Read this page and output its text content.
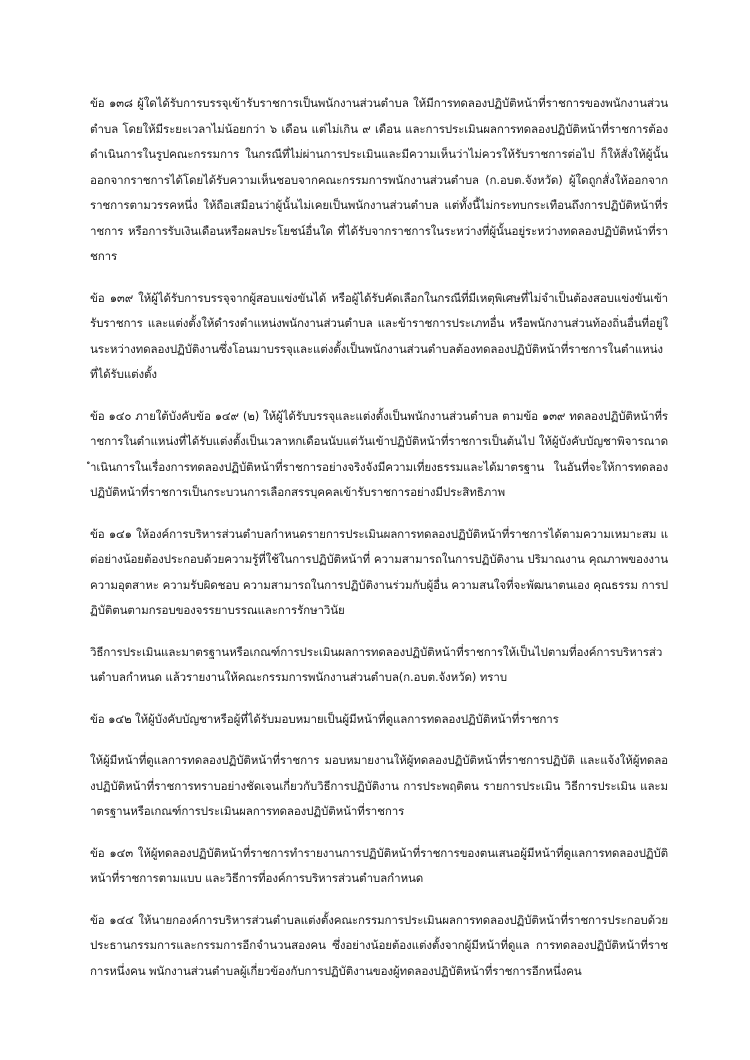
ข้อ ๑๓๘ ผู้ใดได้รับการบรรจุเข้ารับราชการเป็นพนักงานส่วนตำบล ให้มีการทดลองปฏิบัติหน้าที่ราชการของพนักงานส่วนตำบล โดยให้มีระยะเวลาไม่น้อยกว่า ๖ เดือน แต่ไม่เกิน ๙ เดือน และการประเมินผลการทดลองปฏิบัติหน้าที่ราชการต้องดำเนินการในรูปคณะกรรมการ ในกรณีที่ไม่ผ่านการประเมินและมีความเห็นว่าไม่ควรให้รับราชการต่อไป ก็ให้สั่งให้ผู้นั้นออกจากราชการได้โดยได้รับความเห็นชอบจากคณะกรรมการพนักงานส่วนตำบล (ก.อบต.จังหวัด) ผู้ใดถูกสั่งให้ออกจากราชการตามวรรคหนึ่ง ให้ถือเสมือนว่าผู้นั้นไม่เคยเป็นพนักงานส่วนตำบล แต่ทั้งนี้ไม่กระทบกระเทือนถึงการปฏิบัติหน้าที่ราชการ หรือการรับเงินเดือนหรือผลประโยชน์อื่นใด ที่ได้รับจากราชการในระหว่างที่ผู้นั้นอยู่ระหว่างทดลองปฏิบัติหน้าที่ราชการ

ข้อ ๑๓๙ ให้ผู้ได้รับการบรรจุจากผู้สอบแข่งขันได้ หรือผู้ได้รับคัดเลือกในกรณีที่มีเหตุพิเศษที่ไม่จำเป็นต้องสอบแข่งขันเข้ารับราชการ และแต่งตั้งให้ดำรงตำแหน่งพนักงานส่วนตำบล และข้าราชการประเภทอื่น หรือพนักงานส่วนท้องถิ่นอื่นที่อยู่ในระหว่างทดลองปฏิบัติงานซึ่งโอนมาบรรจุและแต่งตั้งเป็นพนักงานส่วนตำบลต้องทดลองปฏิบัติหน้าที่ราชการในตำแหน่ง ที่ได้รับแต่งตั้ง

ข้อ ๑๔๐ ภายใต้บังคับข้อ ๑๔๙ (๒) ให้ผู้ได้รับบรรจุและแต่งตั้งเป็นพนักงานส่วนตำบล ตามข้อ ๑๓๙ ทดลองปฏิบัติหน้าที่ราชการในตำแหน่งที่ได้รับแต่งตั้งเป็นเวลาหกเดือนนับแต่วันเข้าปฏิบัติหน้าที่ราชการเป็นต้นไป ให้ผู้บังคับบัญชาพิจารณาดำเนินการในเรื่องการทดลองปฏิบัติหน้าที่ราชการอย่างจริงจังมีความเที่ยงธรรมและได้มาตรฐาน ในอันที่จะให้การทดลองปฏิบัติหน้าที่ราชการเป็นกระบวนการเลือกสรรบุคคลเข้ารับราชการอย่างมีประสิทธิภาพ

ข้อ ๑๔๑ ให้องค์การบริหารส่วนตำบลกำหนดรายการประเมินผลการทดลองปฏิบัติหน้าที่ราชการได้ตามความเหมาะสม แต่อย่างน้อยต้องประกอบด้วยความรู้ที่ใช้ในการปฏิบัติหน้าที่ ความสามารถในการปฏิบัติงาน ปริมาณงาน คุณภาพของงาน ความอุตสาหะ ความรับผิดชอบ ความสามารถในการปฏิบัติงานร่วมกับผู้อื่น ความสนใจที่จะพัฒนาตนเอง คุณธรรม การปฏิบัติตนตามกรอบของจรรยาบรรณและการรักษาวินัย

วิธีการประเมินและมาตรฐานหรือเกณฑ์การประเมินผลการทดลองปฏิบัติหน้าที่ราชการให้เป็นไปตามที่องค์การบริหารส่วนตำบลกำหนด แล้วรายงานให้คณะกรรมการพนักงานส่วนตำบล(ก.อบต.จังหวัด) ทราบ

ข้อ ๑๔๒ ให้ผู้บังคับบัญชาหรือผู้ที่ได้รับมอบหมายเป็นผู้มีหน้าที่ดูแลการทดลองปฏิบัติหน้าที่ราชการ

ให้ผู้มีหน้าที่ดูแลการทดลองปฏิบัติหน้าที่ราชการ มอบหมายงานให้ผู้ทดลองปฏิบัติหน้าที่ราชการปฏิบัติ และแจ้งให้ผู้ทดลองปฏิบัติหน้าที่ราชการทราบอย่างชัดเจนเกี่ยวกับวิธีการปฏิบัติงาน การประพฤติตน รายการประเมิน วิธีการประเมิน และมาตรฐานหรือเกณฑ์การประเมินผลการทดลองปฏิบัติหน้าที่ราชการ

ข้อ ๑๔๓ ให้ผู้ทดลองปฏิบัติหน้าที่ราชการทำรายงานการปฏิบัติหน้าที่ราชการของตนเสนอผู้มีหน้าที่ดูแลการทดลองปฏิบัติหน้าที่ราชการตามแบบ และวิธีการที่องค์การบริหารส่วนตำบลกำหนด

ข้อ ๑๔๔ ให้นายกองค์การบริหารส่วนตำบลแต่งตั้งคณะกรรมการประเมินผลการทดลองปฏิบัติหน้าที่ราชการประกอบด้วยประธานกรรมการและกรรมการอีกจำนวนสองคน ซึ่งอย่างน้อยต้องแต่งตั้งจากผู้มีหน้าที่ดูแล การทดลองปฏิบัติหน้าที่ราชการหนึ่งคน พนักงานส่วนตำบลผู้เกี่ยวข้องกับการปฏิบัติงานของผู้ทดลองปฏิบัติหน้าที่ราชการอีกหนึ่งคน
